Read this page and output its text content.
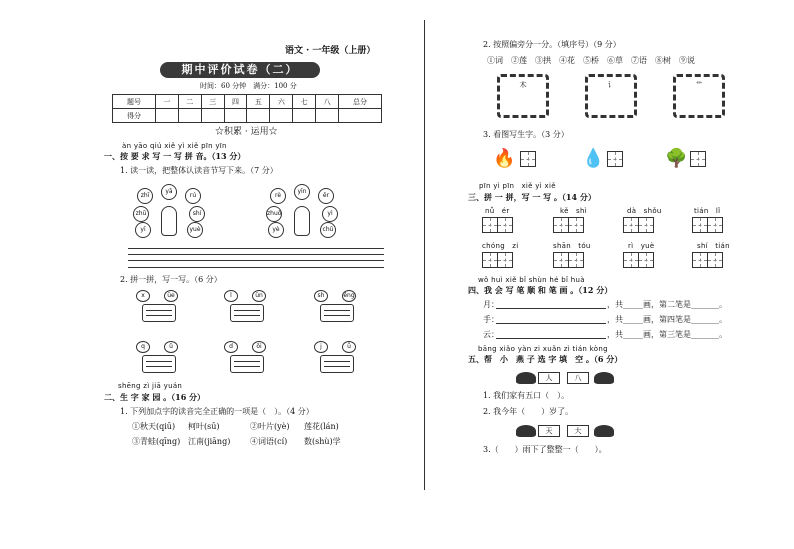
语文 · 一年级（上册）
期中评价试卷（二）
时间：60 分钟　满分：100 分
题号	一	二	三	四	五	六	七	八	总分
得分									
☆积累 · 运用☆
àn yāo qiú xiě yì xiě pīn yīn
一、按 要 求 写 一 写 拼 音。（13 分）
1. 读一读，把整体认读音节写下来。（7 分）
zhī
yā
rú
zhū	shí
yī	yuè
rè
yīn
ěr
zhuō	yì
yè	chū
2. 拼一拼，写一写。（6 分）
x	üe	l	ün	sh	ěng
q	ǔ	d	ōi	j	ǚ
shēng zì jiā yuán
二、生 字 家 园 。（16 分）
1. 下列加点字的读音完全正确的一项是（　）。（4 分）
①秋天(qiū) 柯叶(sū)	②叶片(yè) 莲花(lán)
③青蛙(qīng) 江南(jiāng) ④词语(cí) 数(shù)学
2. 按照偏旁分一分。（填序号）（9 分）
①词　②莲　③拱　④花　⑤桥　⑥草　⑦语　⑧树　⑨说
木	讠	艹
3. 看图写生字。（3 分）
🔥	💧	🌳
pīn yì pīn　xiě yì xiě
三、拼 一 拼，写 一 写 。（14 分）
nǚ　ér	kě　shì	dà　shǒu	tián　lǐ
chóng　zi	shān　tóu	rì　yuè	shí　tián
wǒ huì xiě bǐ shùn hé bǐ huà
四、我 会 写 笔 顺 和 笔 画 。（12 分）
月：	，共_____画，第二笔是_______。
手：	，共_____画，第四笔是_______。
云：	，共_____画，第三笔是_______。
bāng xiǎo yàn zi xuǎn zì tián kòng
五、帮　小　燕 子 选 字 填　空 。（6 分）
人	八
1. 我们家有五口（　）。
2. 我今年（　　）岁了。
天	大
3.（　　）雨下了整整一（　　）。
